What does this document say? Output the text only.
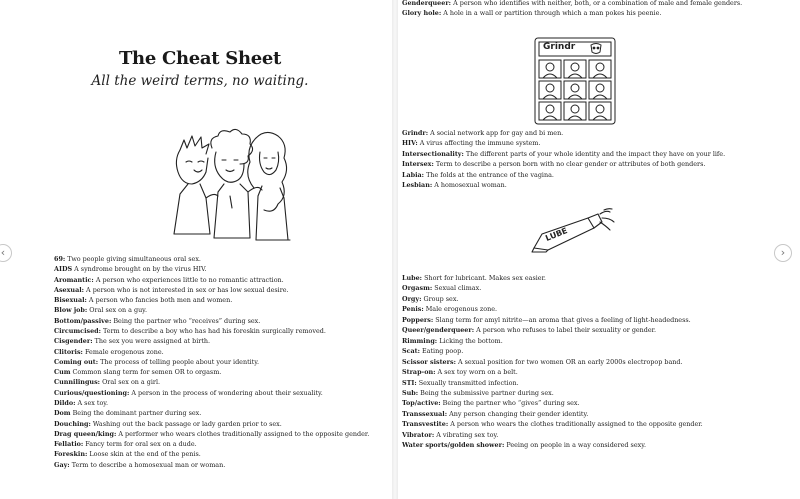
The Cheat Sheet
All the weird terms, no waiting.
Grindr
LUBE
69: Two people giving simultaneous oral sex.
AIDS A syndrome brought on by the virus HIV.
Aromantic: A person who experiences little to no romantic attraction.
Asexual: A person who is not interested in sex or has low sexual desire.
Bisexual: A person who fancies both men and women.
Blow job: Oral sex on a guy.
Bottom/passive: Being the partner who “receives” during sex.
Circumcised: Term to describe a boy who has had his foreskin surgically removed.
Cisgender: The sex you were assigned at birth.
Clitoris: Female erogenous zone.
Coming out: The process of telling people about your identity.
Cum Common slang term for semen OR to orgasm.
Cunnilingus: Oral sex on a girl.
Curious/questioning: A person in the process of wondering about their sexuality.
Dildo: A sex toy.
Dom Being the dominant partner during sex.
Douching: Washing out the back passage or lady garden prior to sex.
Drag queen/king: A performer who wears clothes traditionally assigned to the opposite gender.
Fellatio: Fancy term for oral sex on a dude.
Foreskin: Loose skin at the end of the penis.
Gay: Term to describe a homosexual man or woman.
Genderqueer: A person who identifies with neither, both, or a combination of male and female genders.
Glory hole: A hole in a wall or partition through which a man pokes his peenie.
Grindr: A social network app for gay and bi men.
HIV: A virus affecting the immune system.
Intersectionality: The different parts of your whole identity and the impact they have on your life.
Intersex: Term to describe a person born with no clear gender or attributes of both genders.
Labia: The folds at the entrance of the vagina.
Lesbian: A homosexual woman.
Lube: Short for lubricant. Makes sex easier.
Orgasm: Sexual climax.
Orgy: Group sex.
Penis: Male erogenous zone.
Poppers: Slang term for amyl nitrite—an aroma that gives a feeling of light-headedness.
Queer/genderqueer: A person who refuses to label their sexuality or gender.
Rimming: Licking the bottom.
Scat: Eating poop.
Scissor sisters: A sexual position for two women OR an early 2000s electropop band.
Strap-on: A sex toy worn on a belt.
STI: Sexually transmitted infection.
Sub: Being the submissive partner during sex.
Top/active: Being the partner who “gives” during sex.
Transsexual: Any person changing their gender identity.
Transvestite: A person who wears the clothes traditionally assigned to the opposite gender.
Vibrator: A vibrating sex toy.
Water sports/golden shower: Peeing on people in a way considered sexy.
‹	›
